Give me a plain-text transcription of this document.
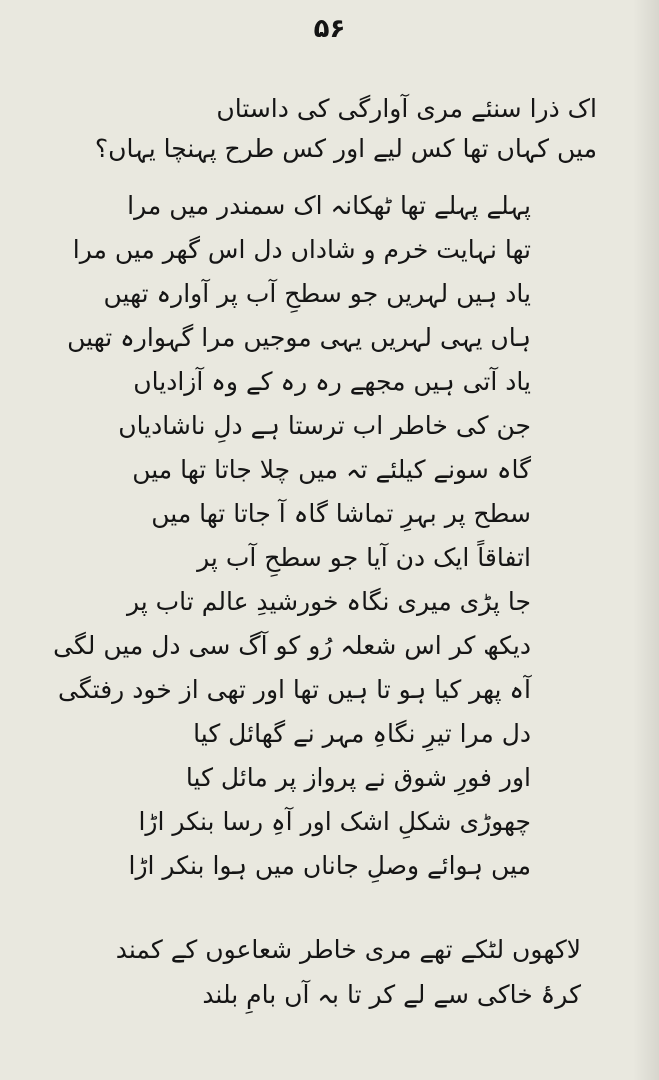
۵۶
اک ذرا سنئے مری آوارگی کی داستاں
میں کہاں تھا کس لیے اور کس طرح پہنچا یہاں؟
پہلے پہلے تھا ٹھکانہ اک سمندر میں مرا
تھا نہایت خرم و شاداں دل اس گھر میں مرا
یاد ہیں لہریں جو سطحِ آب پر آوارہ تھیں
ہاں یہی لہریں یہی موجیں مرا گہوارہ تھیں
یاد آتی ہیں مجھے رہ رہ کے وہ آزادیاں
جن کی خاطر اب ترستا ہے دلِ ناشادیاں
گاہ سونے کیلئے تہ میں چلا جاتا تھا میں
سطح پر بہرِ تماشا گاہ آ جاتا تھا میں
اتفاقاً ایک دن آیا جو سطحِ آب پر
جا پڑی میری نگاہ خورشیدِ عالم تاب پر
دیکھ کر اس شعلہ رُو کو آگ سی دل میں لگی
آہ پھر کیا ہو تا ہیں تھا اور تھی از خود رفتگی
دل مرا تیرِ نگاہِ مہر نے گھائل کیا
اور فورِ شوق نے پرواز پر مائل کیا
چھوڑی شکلِ اشک اور آہِ رسا بنکر اڑا
میں ہوائے وصلِ جاناں میں ہوا بنکر اڑا
لاکھوں لٹکے تھے مری خاطر شعاعوں کے کمند
کرۂ خاکی سے لے کر تا بہ آں بامِ بلند
